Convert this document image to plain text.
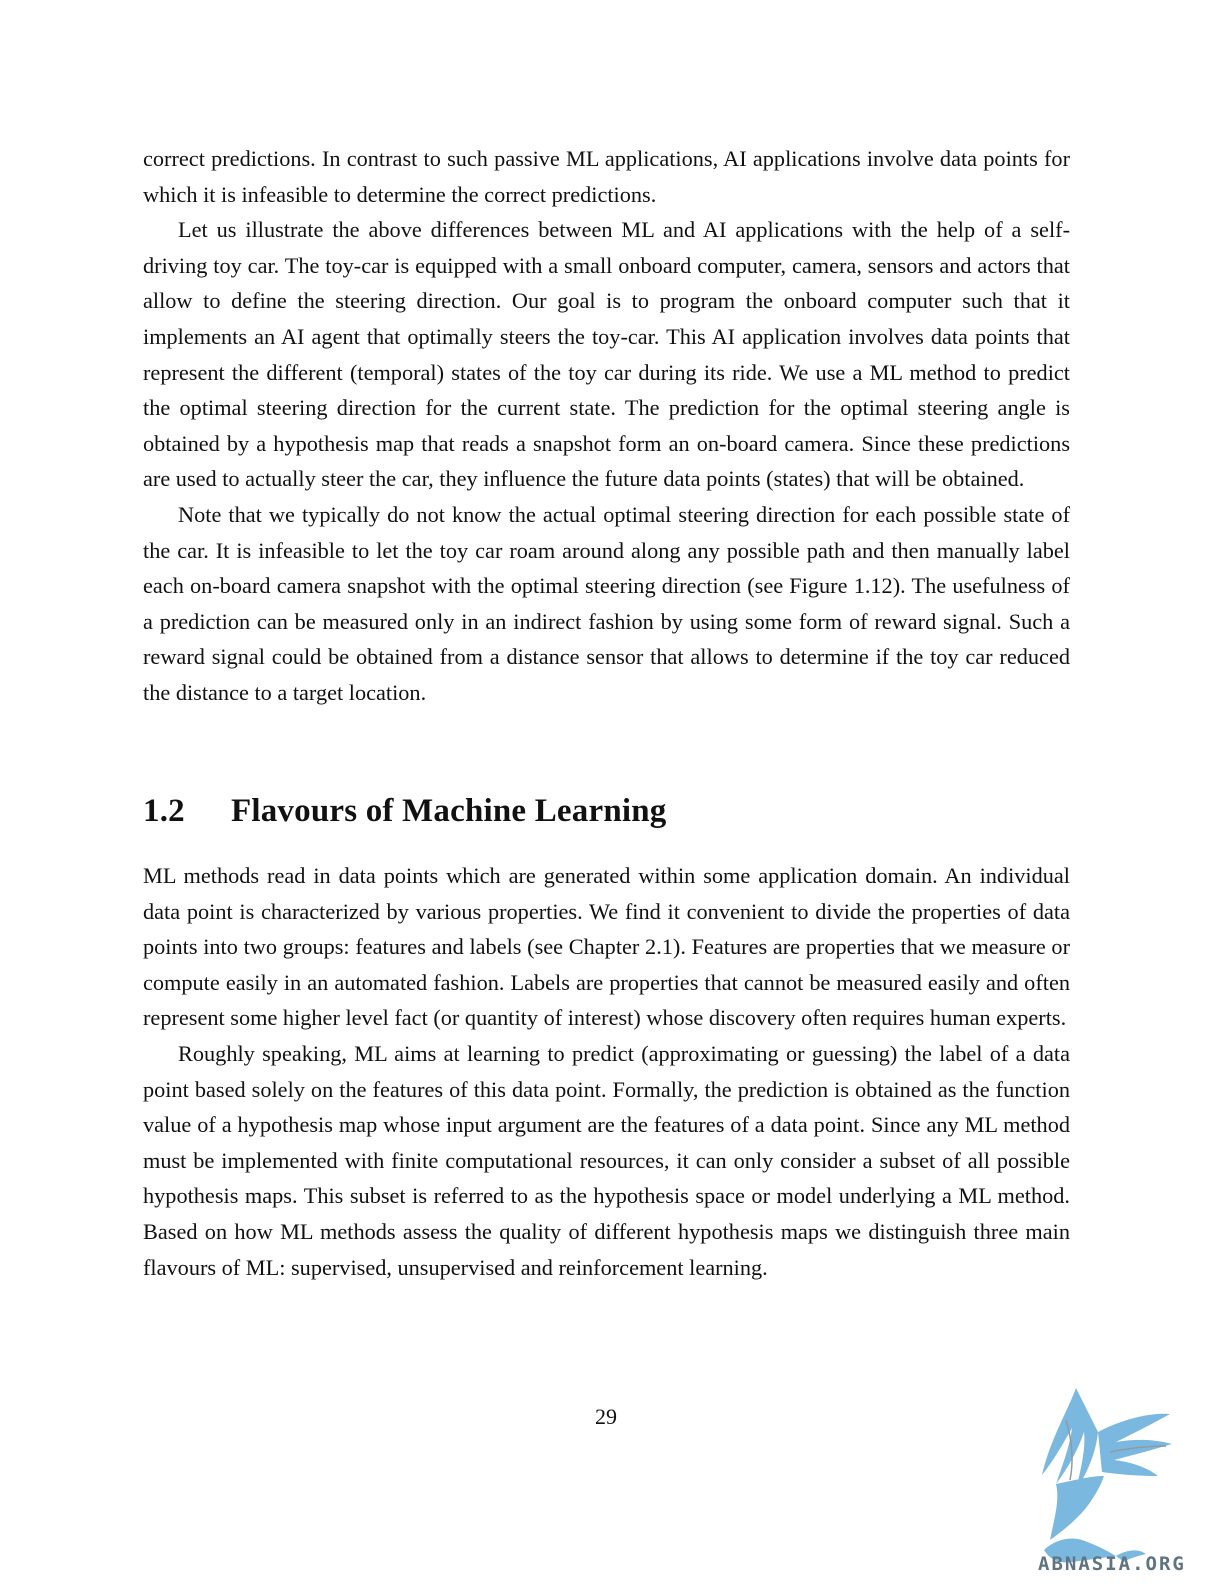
correct predictions. In contrast to such passive ML applications, AI applications involve data points for which it is infeasible to determine the correct predictions.

Let us illustrate the above differences between ML and AI applications with the help of a self-driving toy car. The toy-car is equipped with a small onboard computer, camera, sensors and actors that allow to define the steering direction. Our goal is to program the onboard computer such that it implements an AI agent that optimally steers the toy-car. This AI application involves data points that represent the different (temporal) states of the toy car during its ride. We use a ML method to predict the optimal steering direction for the current state. The prediction for the optimal steering angle is obtained by a hypothesis map that reads a snapshot form an on-board camera. Since these predictions are used to actually steer the car, they influence the future data points (states) that will be obtained.

Note that we typically do not know the actual optimal steering direction for each possible state of the car. It is infeasible to let the toy car roam around along any possible path and then manually label each on-board camera snapshot with the optimal steering direction (see Figure 1.12). The usefulness of a prediction can be measured only in an indirect fashion by using some form of reward signal. Such a reward signal could be obtained from a distance sensor that allows to determine if the toy car reduced the distance to a target location.

1.2 Flavours of Machine Learning

ML methods read in data points which are generated within some application domain. An individual data point is characterized by various properties. We find it convenient to divide the properties of data points into two groups: features and labels (see Chapter 2.1). Features are properties that we measure or compute easily in an automated fashion. Labels are properties that cannot be measured easily and often represent some higher level fact (or quantity of interest) whose discovery often requires human experts.

Roughly speaking, ML aims at learning to predict (approximating or guessing) the label of a data point based solely on the features of this data point. Formally, the prediction is obtained as the function value of a hypothesis map whose input argument are the features of a data point. Since any ML method must be implemented with finite computational resources, it can only consider a subset of all possible hypothesis maps. This subset is referred to as the hypothesis space or model underlying a ML method. Based on how ML methods assess the quality of different hypothesis maps we distinguish three main flavours of ML: supervised, unsupervised and reinforcement learning.

29
ABNASIA.ORG
